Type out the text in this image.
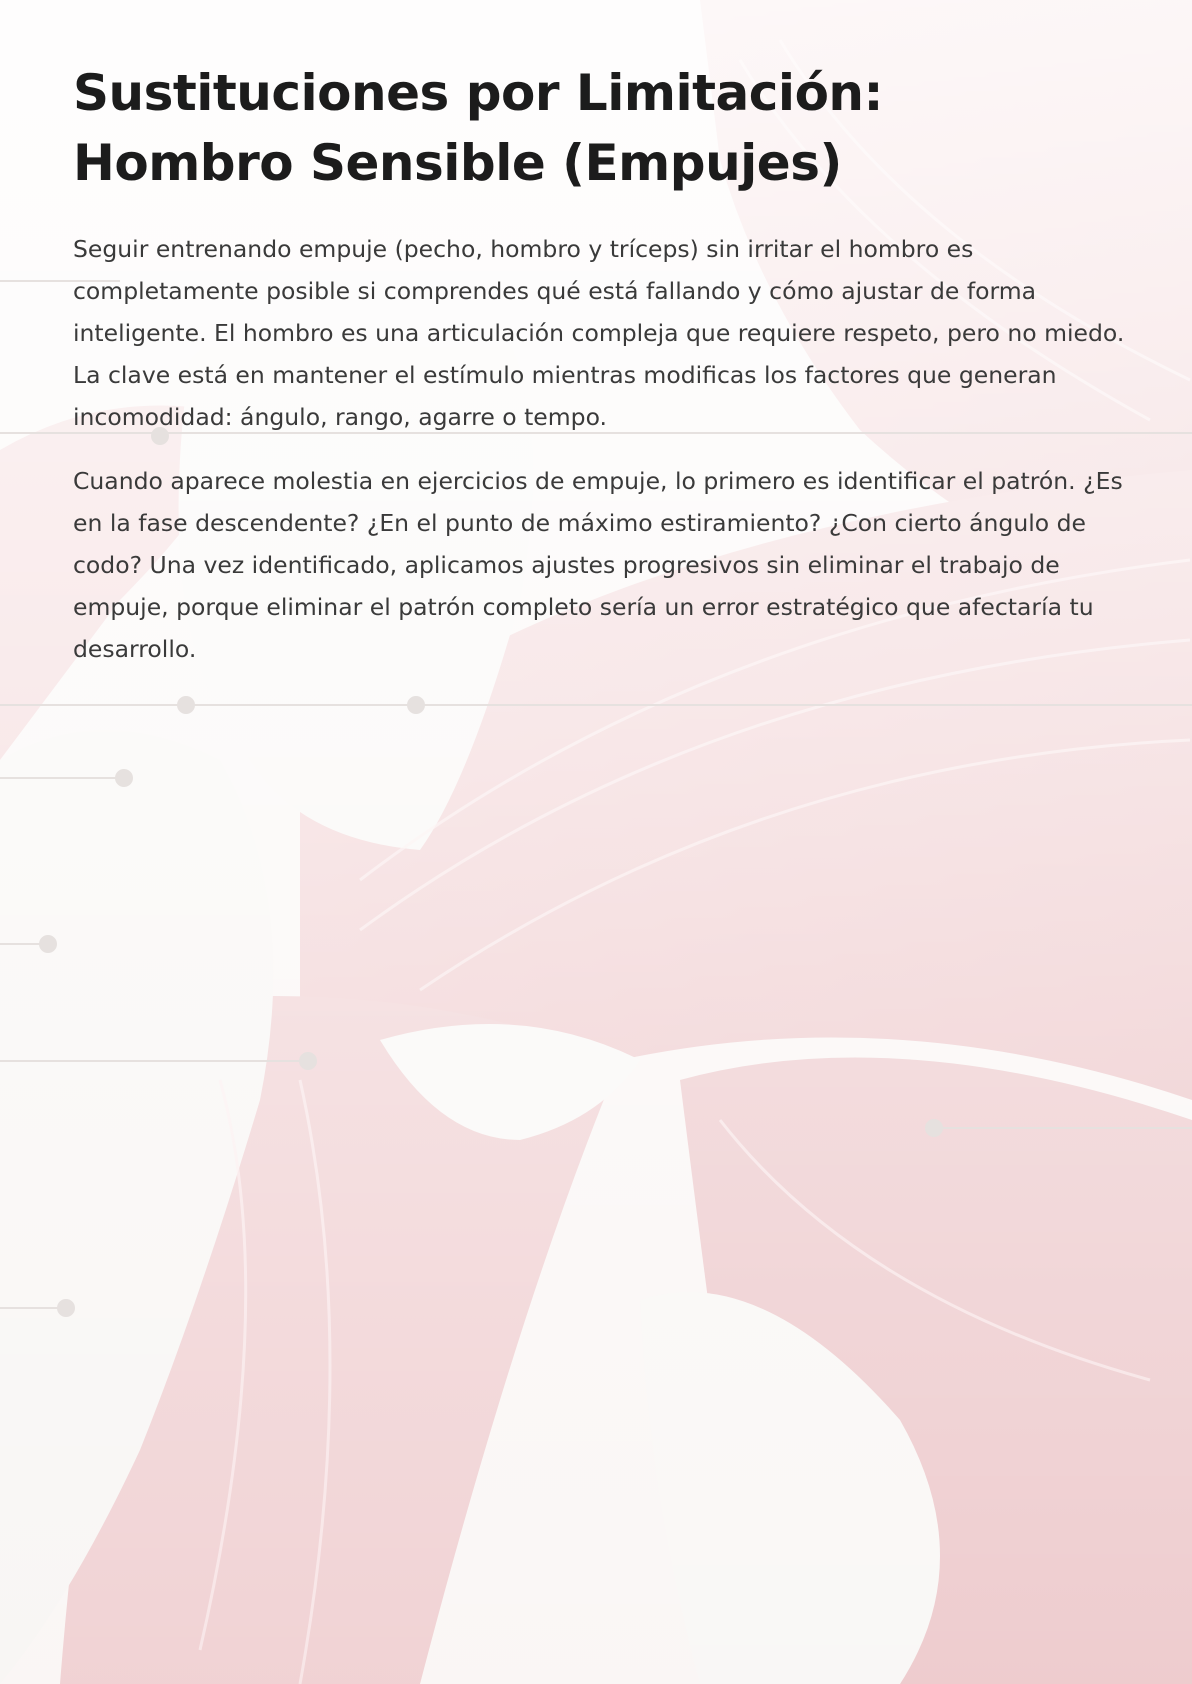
Sustituciones por Limitación:
Hombro Sensible (Empujes)

Seguir entrenando empuje (pecho, hombro y tríceps) sin irritar el hombro es completamente posible si comprendes qué está fallando y cómo ajustar de forma inteligente. El hombro es una articulación compleja que requiere respeto, pero no miedo. La clave está en mantener el estímulo mientras modificas los factores que generan incomodidad: ángulo, rango, agarre o tempo.

Cuando aparece molestia en ejercicios de empuje, lo primero es identificar el patrón. ¿Es en la fase descendente? ¿En el punto de máximo estiramiento? ¿Con cierto ángulo de codo? Una vez identificado, aplicamos ajustes progresivos sin eliminar el trabajo de empuje, porque eliminar el patrón completo sería un error estratégico que afectaría tu desarrollo.
